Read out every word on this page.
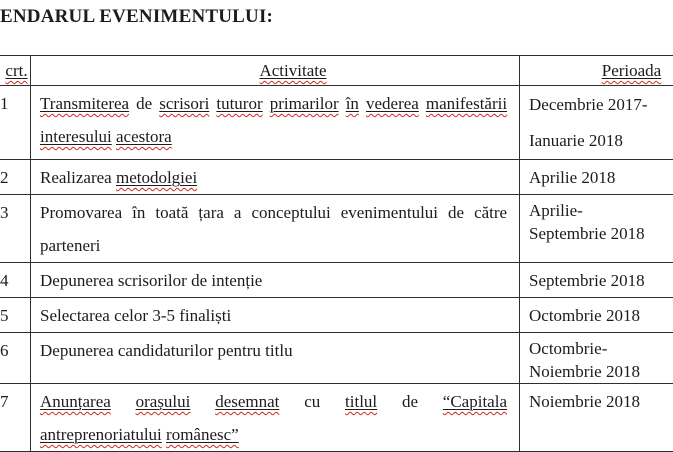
ENDARUL EVENIMENTULUI:
crt.	Activitate	Perioada
1	Transmiterea de scrisori tuturor primarilor în vederea manifestării interesului acestora	Decembrie 2017-
Ianuarie 2018
2	Realizarea metodolgiei	Aprilie 2018
3	Promovarea în toată țara a conceptului evenimentului de către parteneri	Aprilie-
Septembrie 2018
4	Depunerea scrisorilor de intenție	Septembrie 2018
5	Selectarea celor 3-5 finaliști	Octombrie 2018
6	Depunerea candidaturilor pentru titlu	Octombrie-
Noiembrie 2018
7	Anunțarea orașului desemnat cu titlul de “Capitala antreprenoriatului românesc”	Noiembrie 2018
